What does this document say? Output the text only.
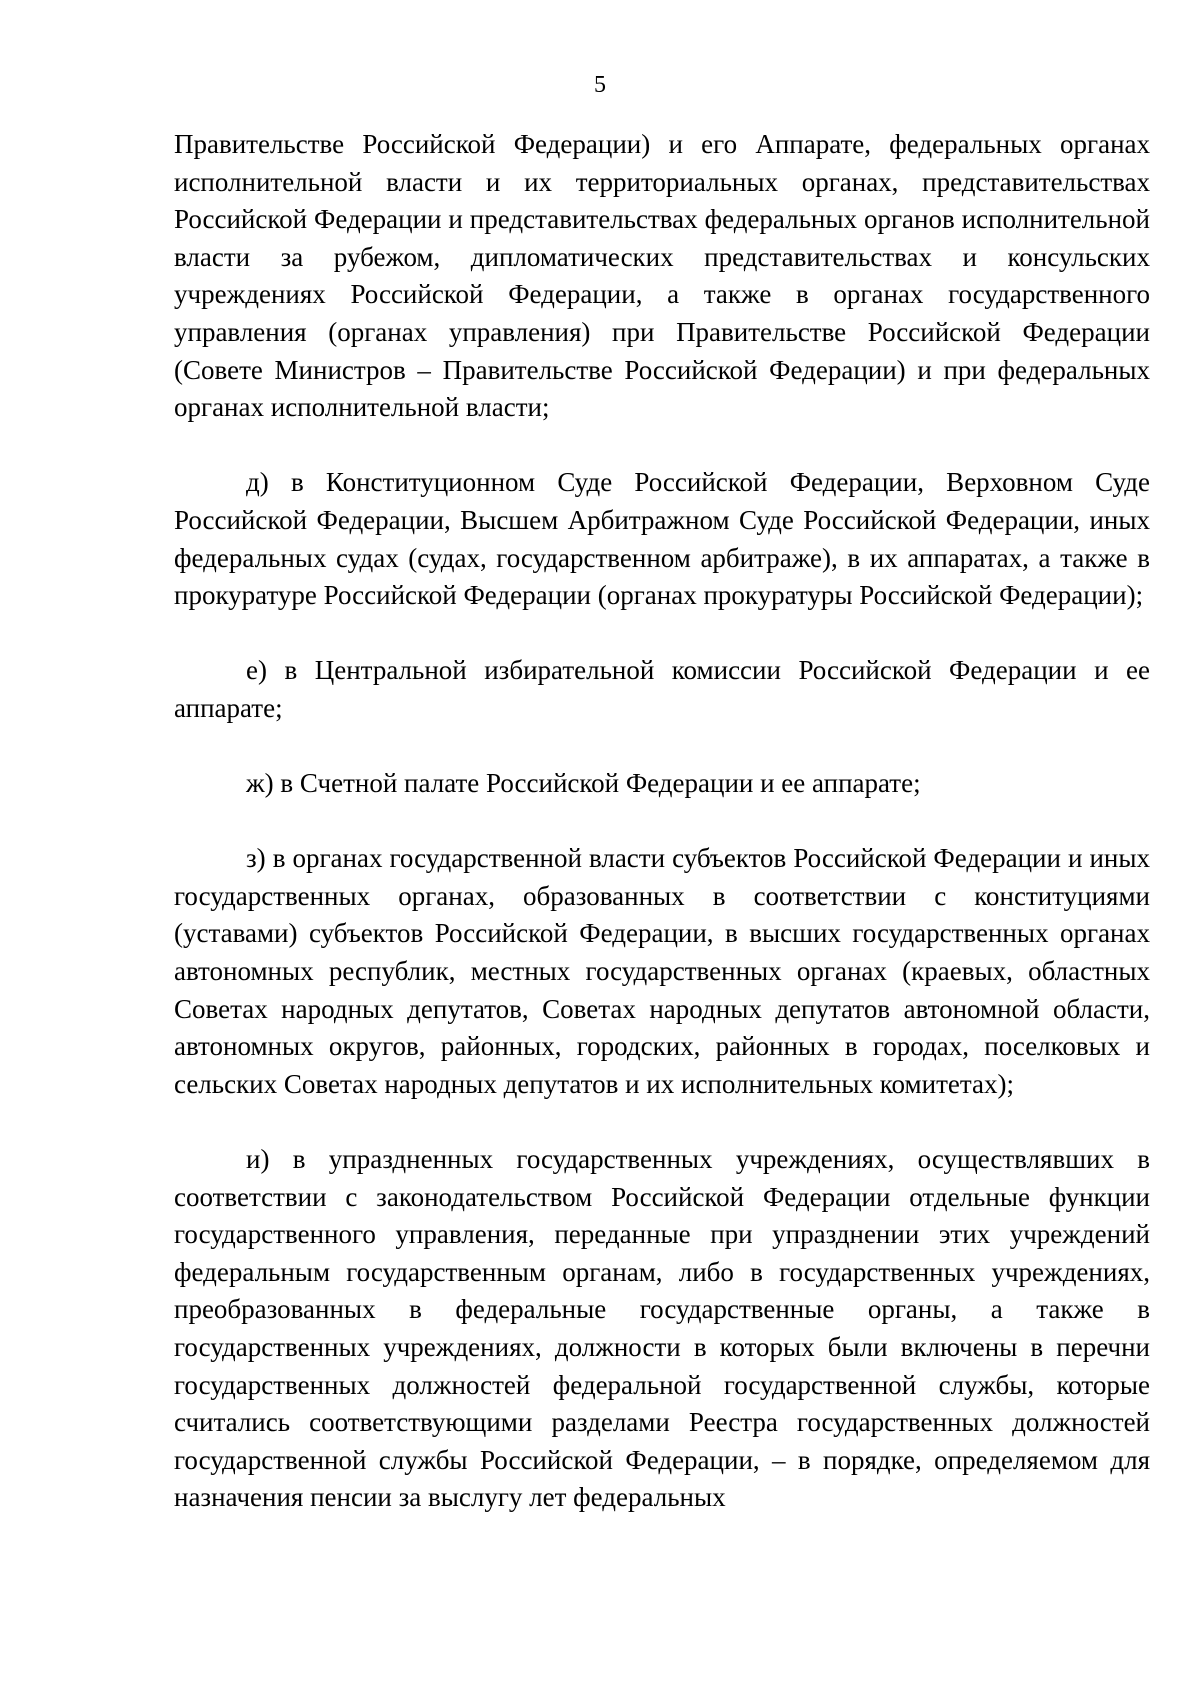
5

Правительстве Российской Федерации) и его Аппарате, федеральных органах исполнительной власти и их территориальных органах, представительствах Российской Федерации и представительствах федеральных органов исполнительной власти за рубежом, дипломатических представительствах и консульских учреждениях Российской Федерации, а также в органах государственного управления (органах управления) при Правительстве Российской Федерации (Совете Министров – Правительстве Российской Федерации) и при федеральных органах исполнительной власти;

д) в Конституционном Суде Российской Федерации, Верховном Суде Российской Федерации, Высшем Арбитражном Суде Российской Федерации, иных федеральных судах (судах, государственном арбитраже), в их аппаратах, а также в прокуратуре Российской Федерации (органах прокуратуры Российской Федерации);

е) в Центральной избирательной комиссии Российской Федерации и ее аппарате;

ж) в Счетной палате Российской Федерации и ее аппарате;

з) в органах государственной власти субъектов Российской Федерации и иных государственных органах, образованных в соответствии с конституциями (уставами) субъектов Российской Федерации, в высших государственных органах автономных республик, местных государственных органах (краевых, областных Советах народных депутатов, Советах народных депутатов автономной области, автономных округов, районных, городских, районных в городах, поселковых и сельских Советах народных депутатов и их исполнительных комитетах);

и) в упраздненных государственных учреждениях, осуществлявших в соответствии с законодательством Российской Федерации отдельные функции государственного управления, переданные при упразднении этих учреждений федеральным государственным органам, либо в государственных учреждениях, преобразованных в федеральные государственные органы, а также в государственных учреждениях, должности в которых были включены в перечни государственных должностей федеральной государственной службы, которые считались соответствующими разделами Реестра государственных должностей государственной службы Российской Федерации, – в порядке, определяемом для назначения пенсии за выслугу лет федеральных
